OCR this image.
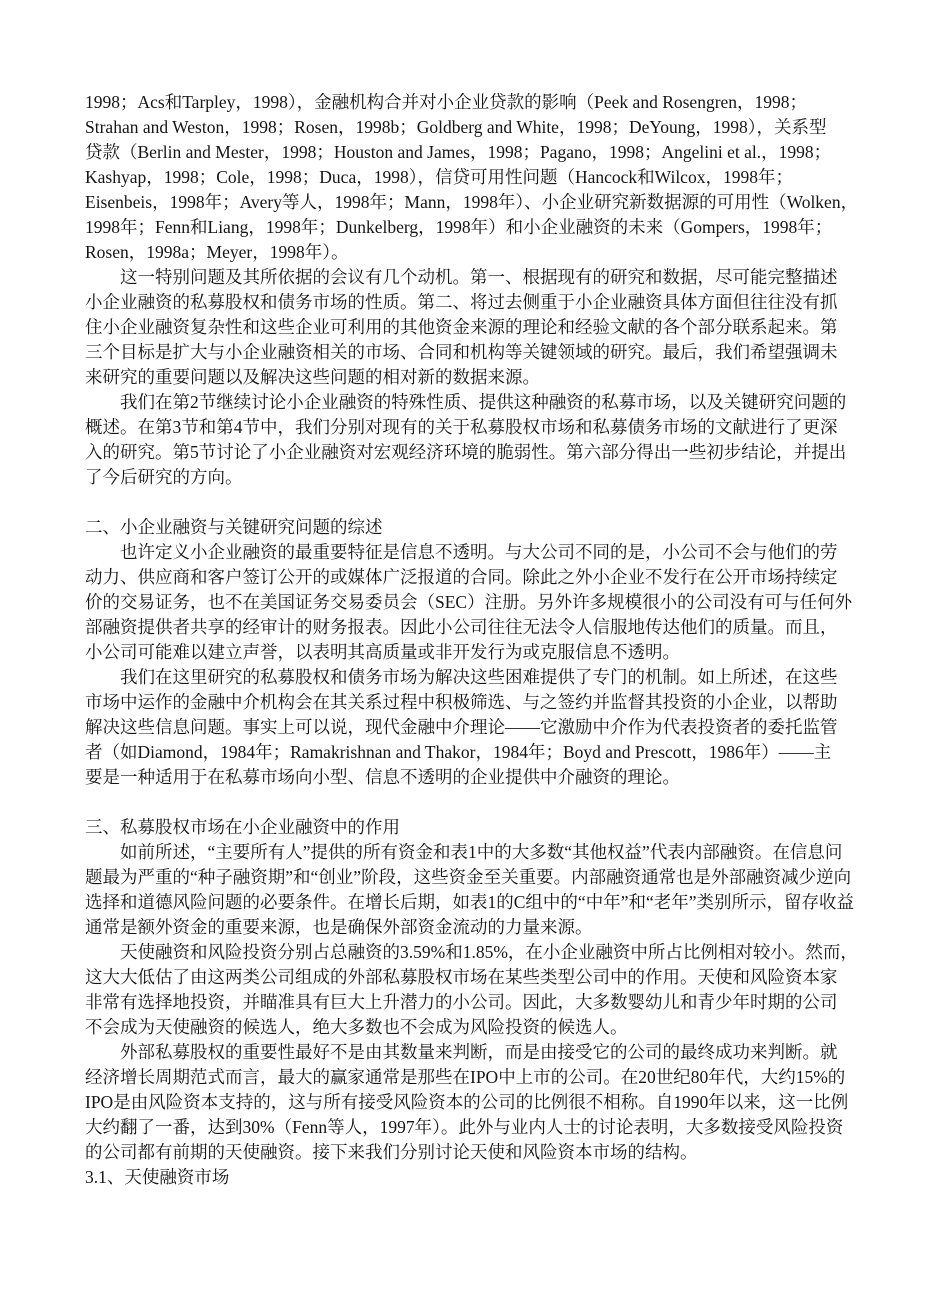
1998；Acs和Tarpley，1998），金融机构合并对小企业贷款的影响（Peek and Rosengren，1998；
Strahan and Weston，1998；Rosen，1998b；Goldberg and White，1998；DeYoung，1998），关系型
贷款（Berlin and Mester，1998；Houston and James，1998；Pagano，1998；Angelini et al.，1998；
Kashyap，1998；Cole，1998；Duca，1998），信贷可用性问题（Hancock和Wilcox，1998年；
Eisenbeis，1998年；Avery等人，1998年；Mann，1998年）、小企业研究新数据源的可用性（Wolken，
1998年；Fenn和Liang，1998年；Dunkelberg，1998年）和小企业融资的未来（Gompers，1998年；
Rosen，1998a；Meyer，1998年）。
这一特别问题及其所依据的会议有几个动机。第一、根据现有的研究和数据，尽可能完整描述
小企业融资的私募股权和债务市场的性质。第二、将过去侧重于小企业融资具体方面但往往没有抓
住小企业融资复杂性和这些企业可利用的其他资金来源的理论和经验文献的各个部分联系起来。第
三个目标是扩大与小企业融资相关的市场、合同和机构等关键领域的研究。最后，我们希望强调未
来研究的重要问题以及解决这些问题的相对新的数据来源。
我们在第2节继续讨论小企业融资的特殊性质、提供这种融资的私募市场，以及关键研究问题的
概述。在第3节和第4节中，我们分别对现有的关于私募股权市场和私募债务市场的文献进行了更深
入的研究。第5节讨论了小企业融资对宏观经济环境的脆弱性。第六部分得出一些初步结论，并提出
了今后研究的方向。
二、小企业融资与关键研究问题的综述
也许定义小企业融资的最重要特征是信息不透明。与大公司不同的是，小公司不会与他们的劳
动力、供应商和客户签订公开的或媒体广泛报道的合同。除此之外小企业不发行在公开市场持续定
价的交易证务，也不在美国证务交易委员会（SEC）注册。另外许多规模很小的公司没有可与任何外
部融资提供者共享的经审计的财务报表。因此小公司往往无法令人信服地传达他们的质量。而且，
小公司可能难以建立声誉，以表明其高质量或非开发行为或克服信息不透明。
我们在这里研究的私募股权和债务市场为解决这些困难提供了专门的机制。如上所述，在这些
市场中运作的金融中介机构会在其关系过程中积极筛选、与之签约并监督其投资的小企业，以帮助
解决这些信息问题。事实上可以说，现代金融中介理论——它激励中介作为代表投资者的委托监管
者（如Diamond，1984年；Ramakrishnan and Thakor，1984年；Boyd and Prescott，1986年）——主
要是一种适用于在私募市场向小型、信息不透明的企业提供中介融资的理论。
三、私募股权市场在小企业融资中的作用
如前所述，“主要所有人”提供的所有资金和表1中的大多数“其他权益”代表内部融资。在信息问
题最为严重的“种子融资期”和“创业”阶段，这些资金至关重要。内部融资通常也是外部融资减少逆向
选择和道德风险问题的必要条件。在增长后期，如表1的C组中的“中年”和“老年”类别所示，留存收益
通常是额外资金的重要来源，也是确保外部资金流动的力量来源。
天使融资和风险投资分别占总融资的3.59%和1.85%，在小企业融资中所占比例相对较小。然而，
这大大低估了由这两类公司组成的外部私募股权市场在某些类型公司中的作用。天使和风险资本家
非常有选择地投资，并瞄准具有巨大上升潜力的小公司。因此，大多数婴幼儿和青少年时期的公司
不会成为天使融资的候选人，绝大多数也不会成为风险投资的候选人。
外部私募股权的重要性最好不是由其数量来判断，而是由接受它的公司的最终成功来判断。就
经济增长周期范式而言，最大的赢家通常是那些在IPO中上市的公司。在20世纪80年代，大约15%的
IPO是由风险资本支持的，这与所有接受风险资本的公司的比例很不相称。自1990年以来，这一比例
大约翻了一番，达到30%（Fenn等人，1997年）。此外与业内人士的讨论表明，大多数接受风险投资
的公司都有前期的天使融资。接下来我们分别讨论天使和风险资本市场的结构。
3.1、天使融资市场
